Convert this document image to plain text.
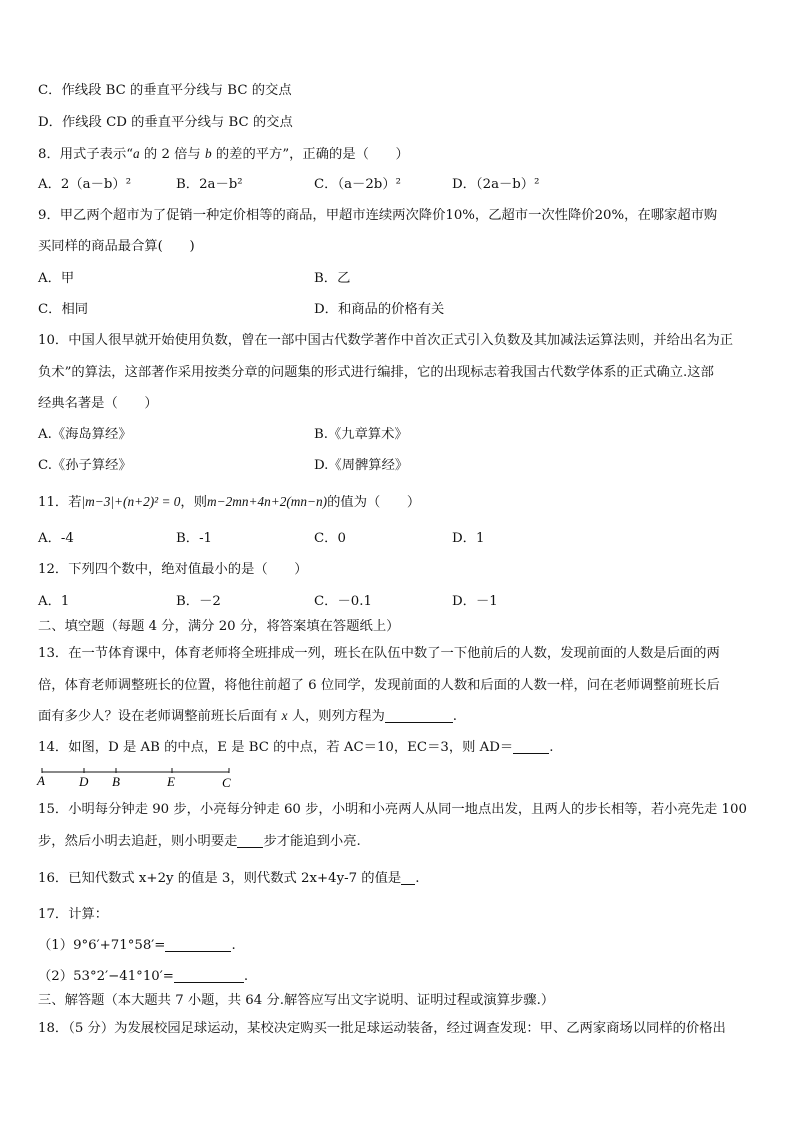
C．作线段 BC 的垂直平分线与 BC 的交点
D．作线段 CD 的垂直平分线与 BC 的交点
8．用式子表示“a 的 2 倍与 b 的差的平方”，正确的是（　　）
A．2（a－b）²	B．2a－b²	C．（a－2b）²	D．（2a－b）²
9．甲乙两个超市为了促销一种定价相等的商品，甲超市连续两次降价10%，乙超市一次性降价20%，在哪家超市购
买同样的商品最合算(　　)
A．甲	B．乙
C．相同	D．和商品的价格有关
10．中国人很早就开始使用负数，曾在一部中国古代数学著作中首次正式引入负数及其加减法运算法则，并给出名为正
负术”的算法，这部著作采用按类分章的问题集的形式进行编排，它的出现标志着我国古代数学体系的正式确立.这部
经典名著是（　　）
A.《海岛算经》	B.《九章算术》
C.《孙子算经》	D.《周髀算经》
11．若|m−3|+(n+2)² = 0，则m−2mn+4n+2(mn−n)的值为（　　）
A．-4	B．-1	C．0	D．1
12．下列四个数中，绝对值最小的是（　　）
A．1	B．－2	C．－0.1	D．－1
二、填空题（每题 4 分，满分 20 分，将答案填在答题纸上）
13．在一节体育课中，体育老师将全班排成一列，班长在队伍中数了一下他前后的人数，发现前面的人数是后面的两
倍，体育老师调整班长的位置，将他往前超了 6 位同学，发现前面的人数和后面的人数一样，问在老师调整前班长后
面有多少人？设在老师调整前班长后面有 x 人，则列方程为	.
14．如图，D 是 AB 的中点，E 是 BC 的中点，若 AC＝10，EC＝3，则 AD＝	.
A	D B	E	C
15．小明每分钟走 90 步，小亮每分钟走 60 步，小明和小亮两人从同一地点出发，且两人的步长相等，若小亮先走 100
步，然后小明去追赶，则小明要走 步才能追到小亮.
16．已知代数式 x+2y 的值是 3，则代数式 2x+4y-7 的值是 .
17．计算：
（1）9°6′+71°58′=	.
（2）53°2′−41°10′=	.
三、解答题（本大题共 7 小题，共 64 分.解答应写出文字说明、证明过程或演算步骤.）
18．（5 分）为发展校园足球运动，某校决定购买一批足球运动装备，经过调查发现：甲、乙两家商场以同样的价格出
